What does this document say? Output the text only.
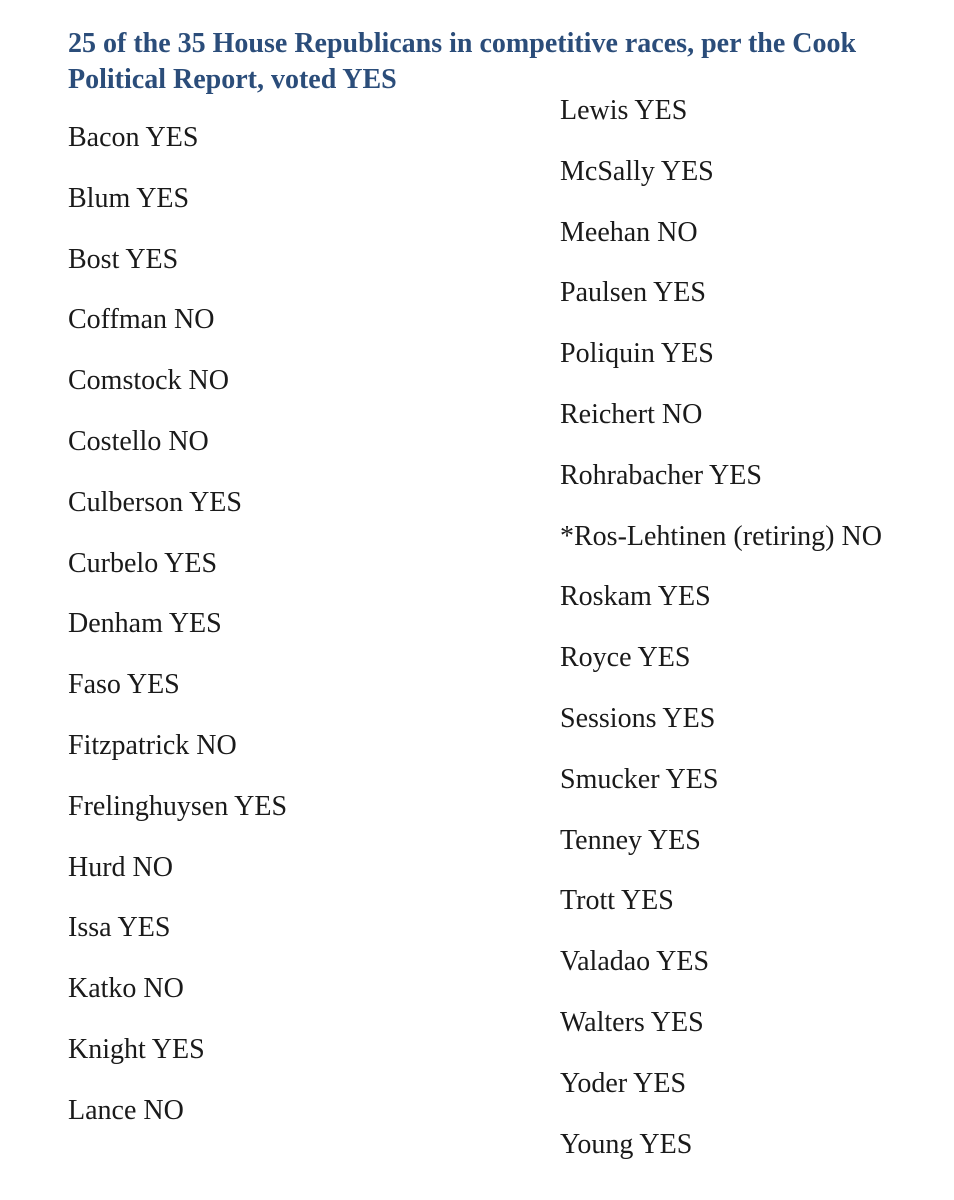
25 of the 35 House Republicans in competitive races, per the Cook Political Report, voted YES
Bacon YES
Blum YES
Bost YES
Coffman NO
Comstock NO
Costello NO
Culberson YES
Curbelo YES
Denham YES
Faso YES
Fitzpatrick NO
Frelinghuysen YES
Hurd NO
Issa YES
Katko NO
Knight YES
Lance NO
Lewis YES
McSally YES
Meehan NO
Paulsen YES
Poliquin YES
Reichert NO
Rohrabacher YES
*Ros-Lehtinen (retiring) NO
Roskam YES
Royce YES
Sessions YES
Smucker YES
Tenney YES
Trott YES
Valadao YES
Walters YES
Yoder YES
Young YES
